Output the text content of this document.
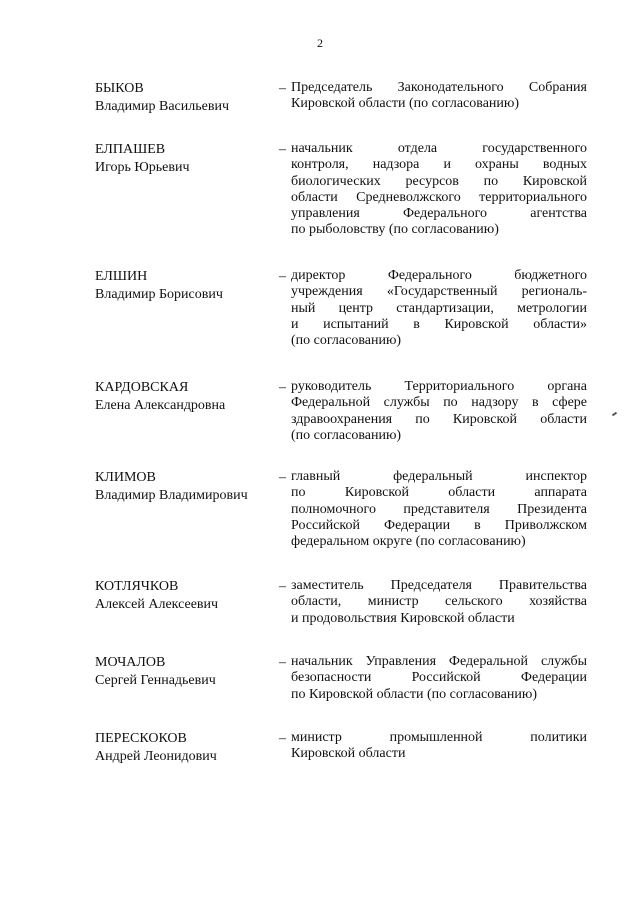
2
БЫКОВ
Владимир Васильевич
– Председатель Законодательного Собрания
Кировской области (по согласованию)
ЕЛПАШЕВ
Игорь Юрьевич
– начальник отдела государственного
контроля, надзора и охраны водных
биологических ресурсов по Кировской
области Средневолжского территориального
управления Федерального агентства
по рыболовству (по согласованию)
ЕЛШИН
Владимир Борисович
– директор Федерального бюджетного
учреждения «Государственный региональ-
ный центр стандартизации, метрологии
и испытаний в Кировской области»
(по согласованию)
КАРДОВСКАЯ
Елена Александровна
– руководитель Территориального органа
Федеральной службы по надзору в сфере
здравоохранения по Кировской области
(по согласованию)
КЛИМОВ
Владимир Владимирович
– главный федеральный инспектор
по Кировской области аппарата
полномочного представителя Президента
Российской Федерации в Приволжском
федеральном округе (по согласованию)
КОТЛЯЧКОВ
Алексей Алексеевич
– заместитель Председателя Правительства
области, министр сельского хозяйства
и продовольствия Кировской области
МОЧАЛОВ
Сергей Геннадьевич
– начальник Управления Федеральной службы
безопасности Российской Федерации
по Кировской области (по согласованию)
ПЕРЕСКОКОВ
Андрей Леонидович
– министр промышленной политики
Кировской области
